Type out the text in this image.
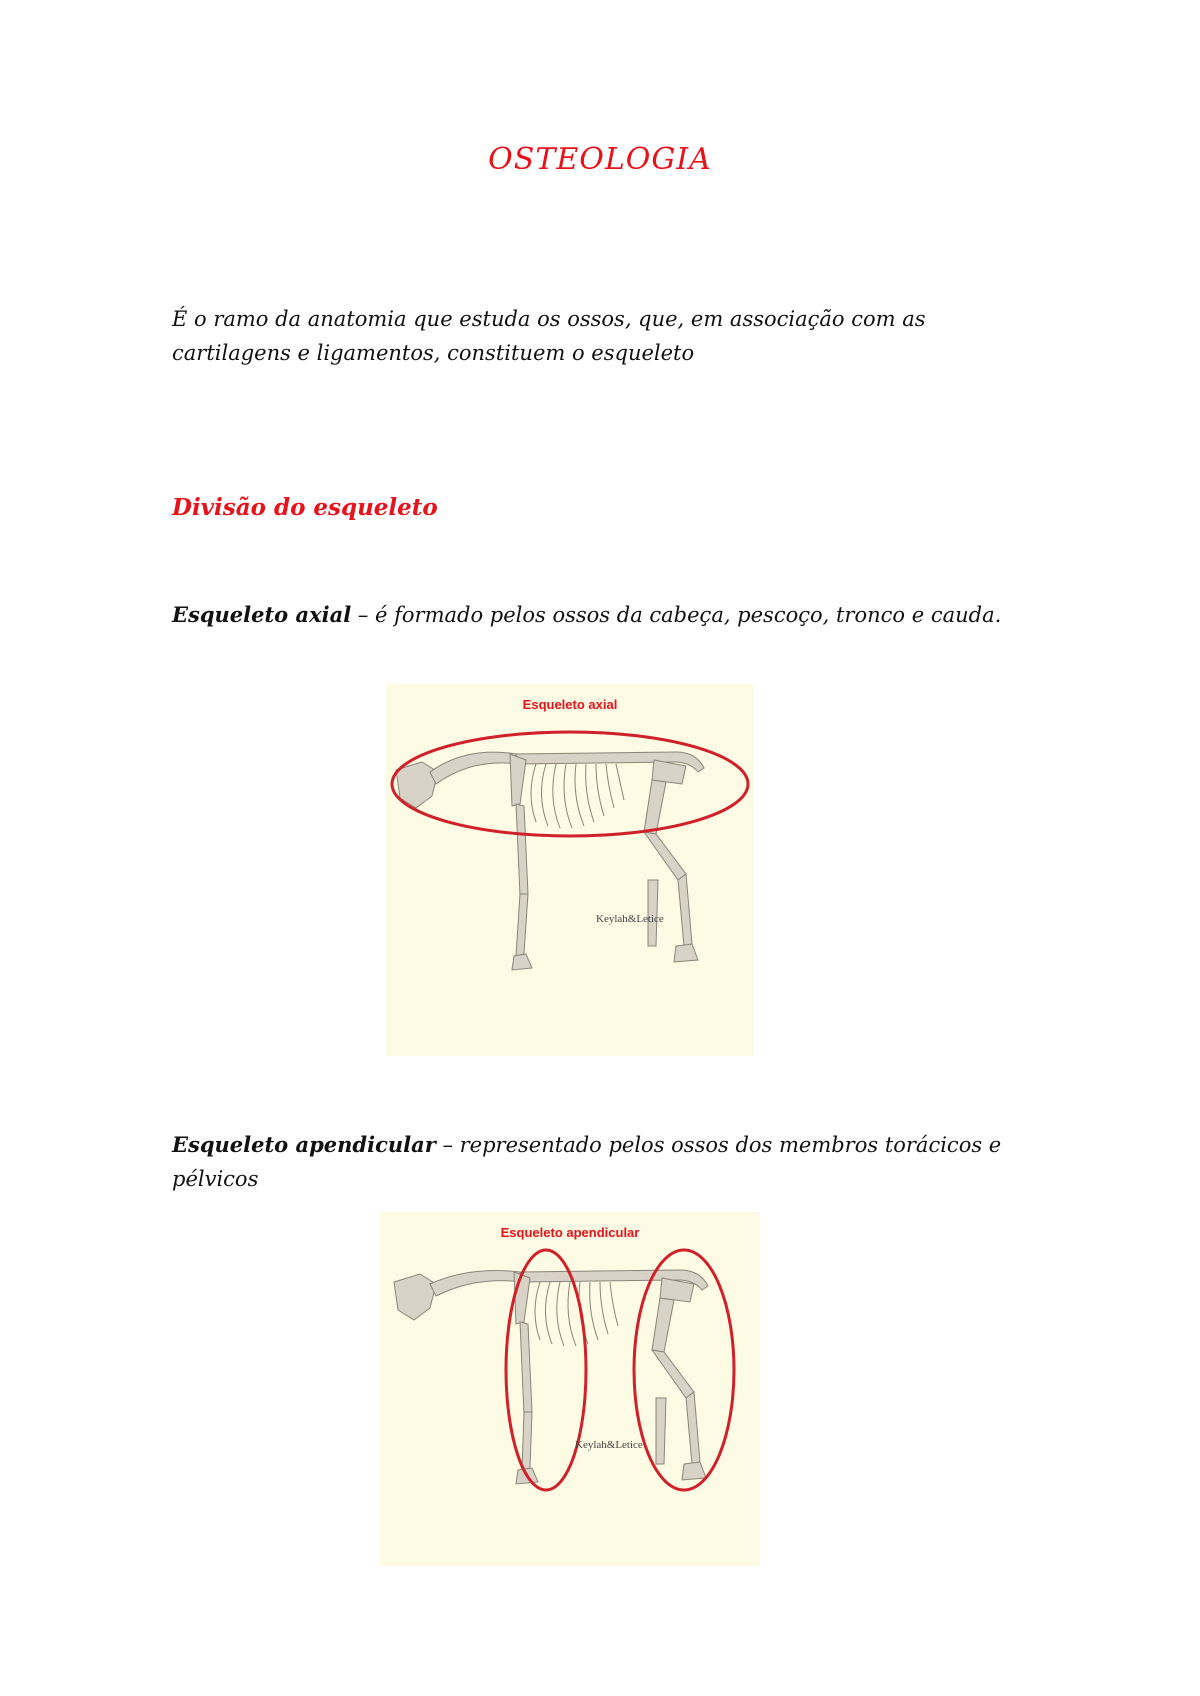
OSTEOLOGIA
É o ramo da anatomia que estuda os ossos, que, em associação com as cartilagens e ligamentos, constituem o esqueleto
Divisão do esqueleto
Esqueleto axial – é formado pelos ossos da cabeça, pescoço, tronco e cauda.
Esqueleto axial
Keylah&Letice
Esqueleto apendicular – representado pelos ossos dos membros torácicos e pélvicos
Esqueleto apendicular
Keylah&Letice
